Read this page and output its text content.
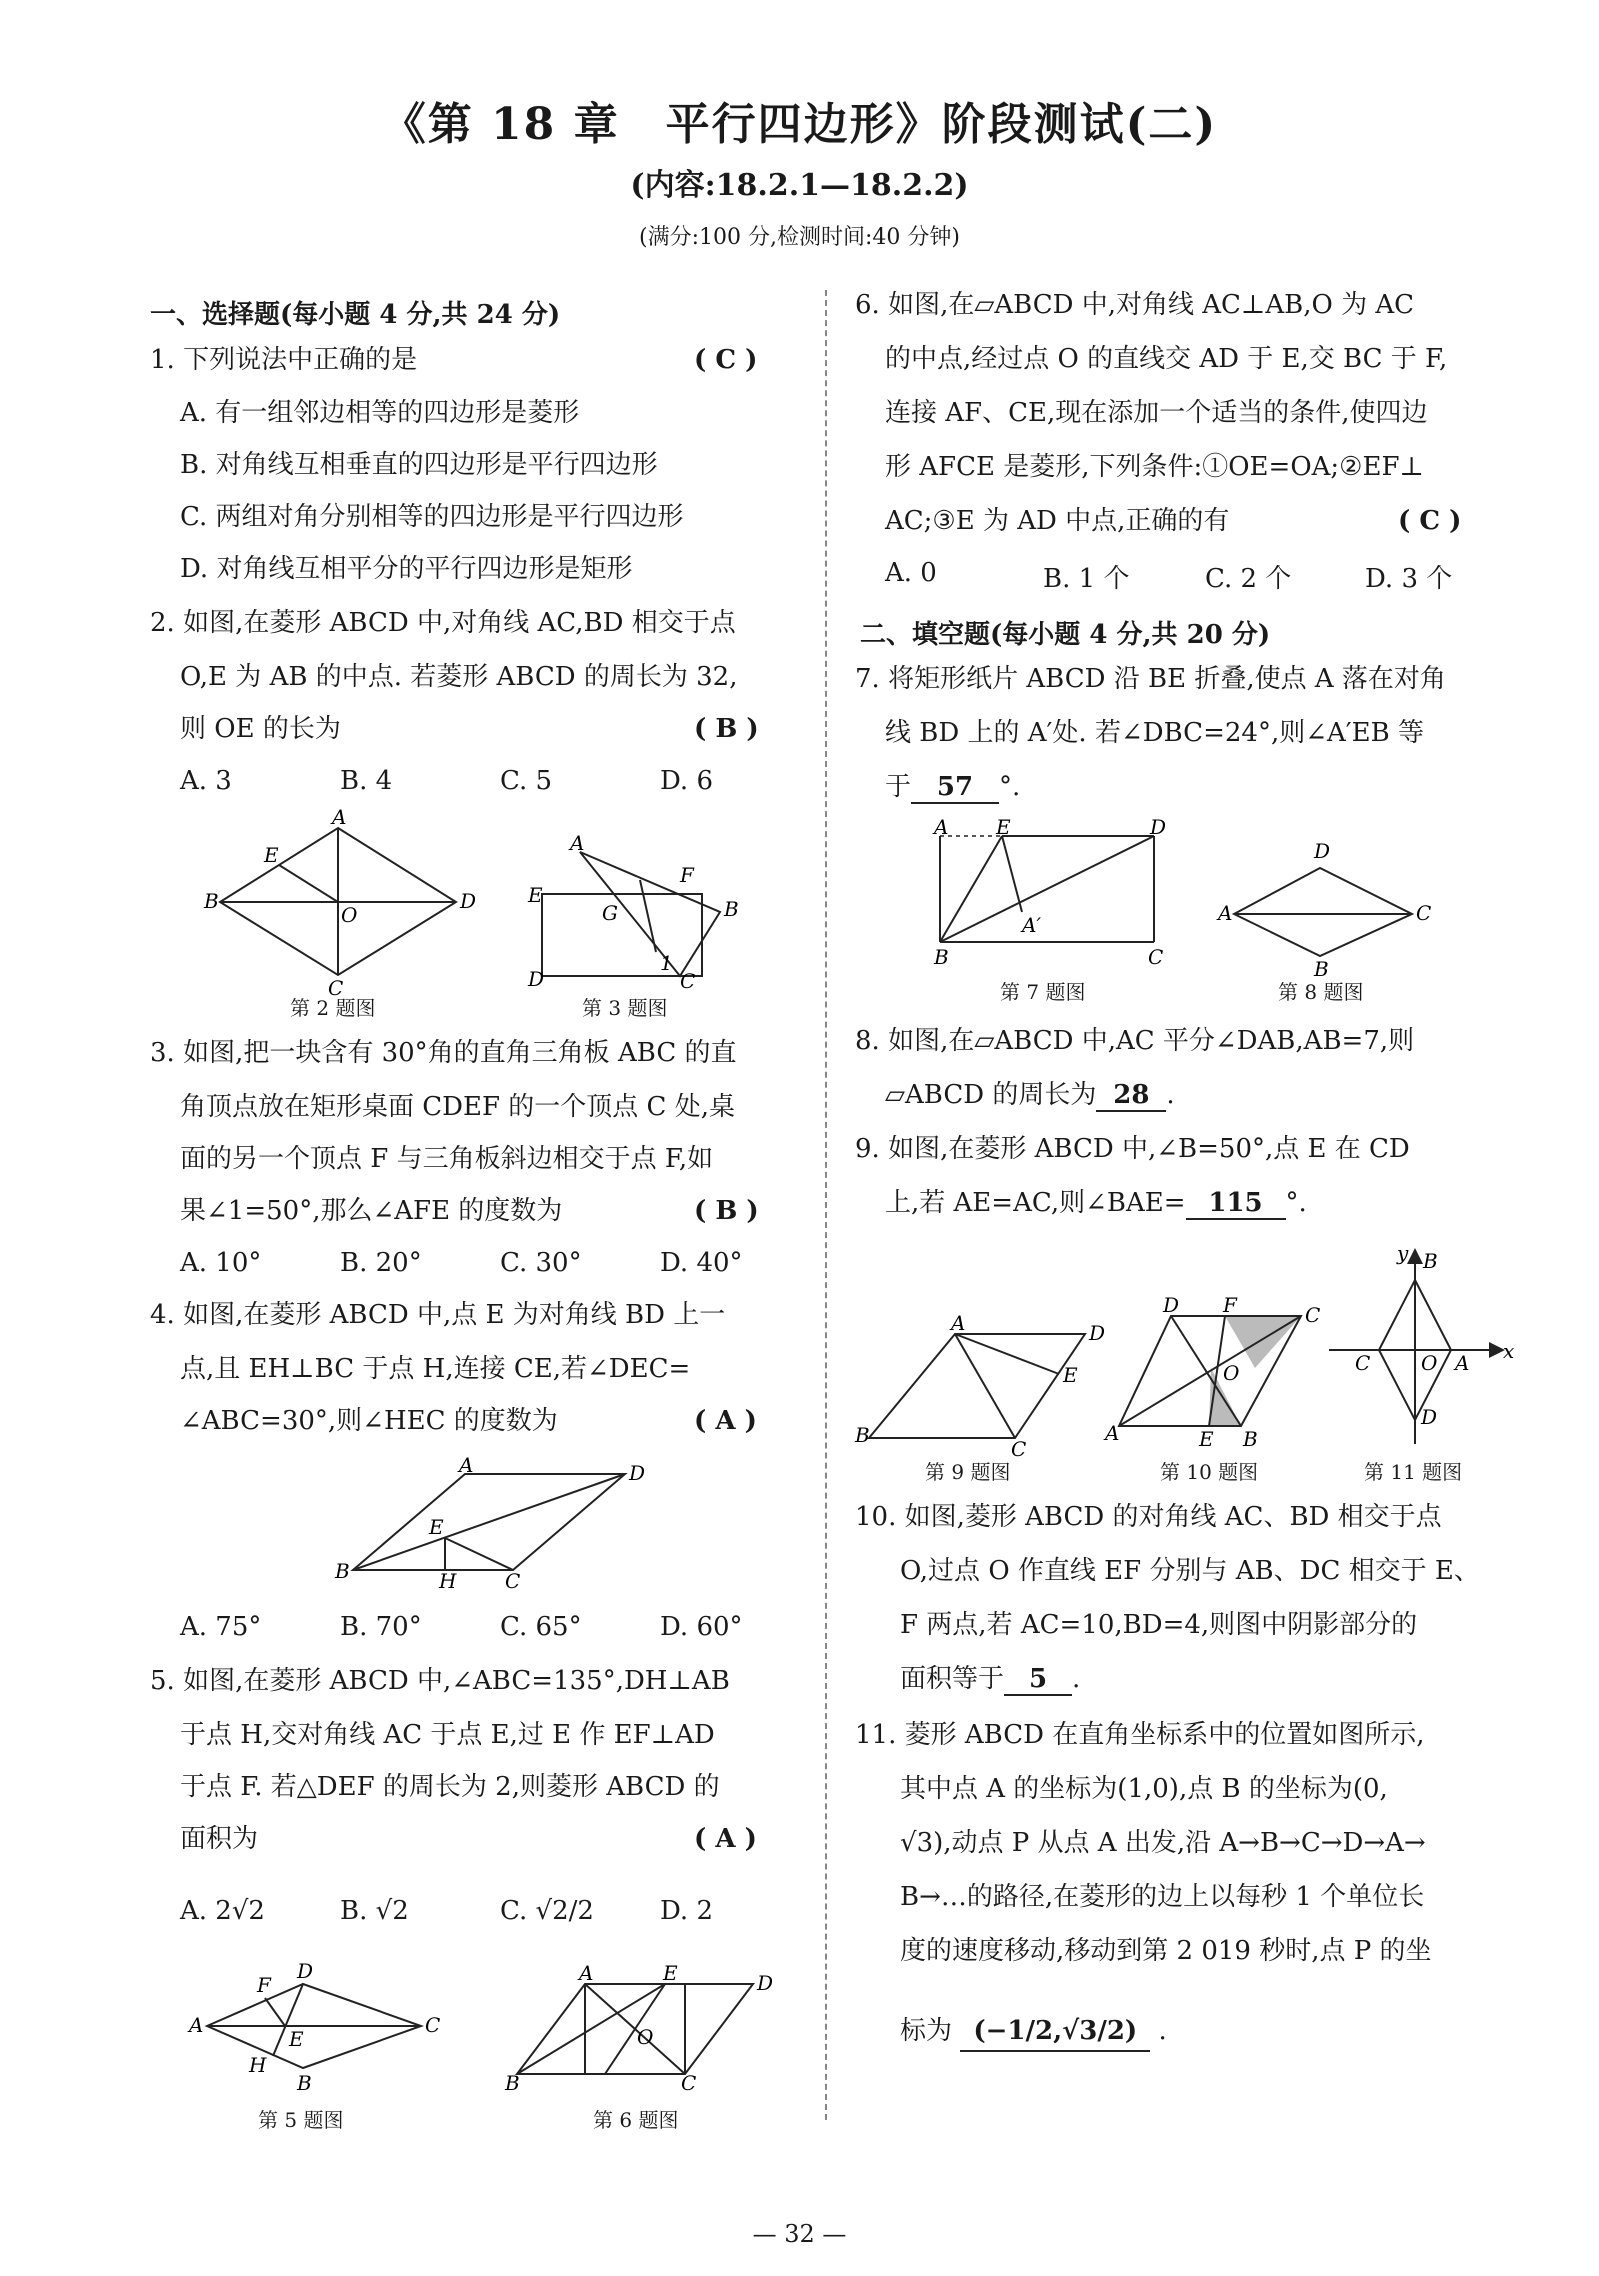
《第 18 章　平行四边形》阶段测试(二)
(内容:18.2.1—18.2.2)
(满分:100 分,检测时间:40 分钟)
一、选择题(每小题 4 分,共 24 分)
1. 下列说法中正确的是	( C )
A. 有一组邻边相等的四边形是菱形
B. 对角线互相垂直的四边形是平行四边形
C. 两组对角分别相等的四边形是平行四边形
D. 对角线互相平分的平行四边形是矩形
2. 如图,在菱形 ABCD 中,对角线 AC,BD 相交于点
O,E 为 AB 的中点. 若菱形 ABCD 的周长为 32,
则 OE 的长为	( B )
A. 3	B. 4	C. 5	D. 6
A
B
C
D
E
O
第 2 题图
A
E
D	C
B
F
G
1
第 3 题图
3. 如图,把一块含有 30°角的直角三角板 ABC 的直
角顶点放在矩形桌面 CDEF 的一个顶点 C 处,桌
面的另一个顶点 F 与三角板斜边相交于点 F,如
果∠1=50°,那么∠AFE 的度数为	( B )
A. 10°	B. 20°	C. 30°	D. 40°
4. 如图,在菱形 ABCD 中,点 E 为对角线 BD 上一
点,且 EH⊥BC 于点 H,连接 CE,若∠DEC=
∠ABC=30°,则∠HEC 的度数为	( A )
A	D
B	C
E
H
A. 75°	B. 70°	C. 65°	D. 60°
5. 如图,在菱形 ABCD 中,∠ABC=135°,DH⊥AB
于点 H,交对角线 AC 于点 E,过 E 作 EF⊥AD
于点 F. 若△DEF 的周长为 2,则菱形 ABCD 的
面积为	( A )
A. 2√2	B. √2	C. √2/2	D. 2
A
D
C
B
F
E
H
第 5 题图
A	E	D
B	C
O
第 6 题图
6. 如图,在▱ABCD 中,对角线 AC⊥AB,O 为 AC
的中点,经过点 O 的直线交 AD 于 E,交 BC 于 F,
连接 AF、CE,现在添加一个适当的条件,使四边
形 AFCE 是菱形,下列条件:①OE=OA;②EF⊥
AC;③E 为 AD 中点,正确的有	( C )
A. 0	B. 1 个	C. 2 个	D. 3 个
二、填空题(每小题 4 分,共 20 分)
7. 将矩形纸片 ABCD 沿 BE 折叠,使点 A 落在对角
线 BD 上的 A′处. 若∠DBC=24°,则∠A′EB 等
于 57 °.
A E	D
B	C
A′
第 7 题图
D
A	C
B
第 8 题图
8. 如图,在▱ABCD 中,AC 平分∠DAB,AB=7,则
▱ABCD 的周长为 28 .
9. 如图,在菱形 ABCD 中,∠B=50°,点 E 在 CD
上,若 AE=AC,则∠BAE= 115 °.
A	D
B
C
E
第 9 题图
D F	C
A	E B
O
第 10 题图
y B
x
C	O A
D
第 11 题图
10. 如图,菱形 ABCD 的对角线 AC、BD 相交于点
O,过点 O 作直线 EF 分别与 AB、DC 相交于 E、
F 两点,若 AC=10,BD=4,则图中阴影部分的
面积等于 5 .
11. 菱形 ABCD 在直角坐标系中的位置如图所示,
其中点 A 的坐标为(1,0),点 B 的坐标为(0,
√3),动点 P 从点 A 出发,沿 A→B→C→D→A→
B→…的路径,在菱形的边上以每秒 1 个单位长
度的速度移动,移动到第 2 019 秒时,点 P 的坐
标为 (−1/2,√3/2) .
— 32 —
